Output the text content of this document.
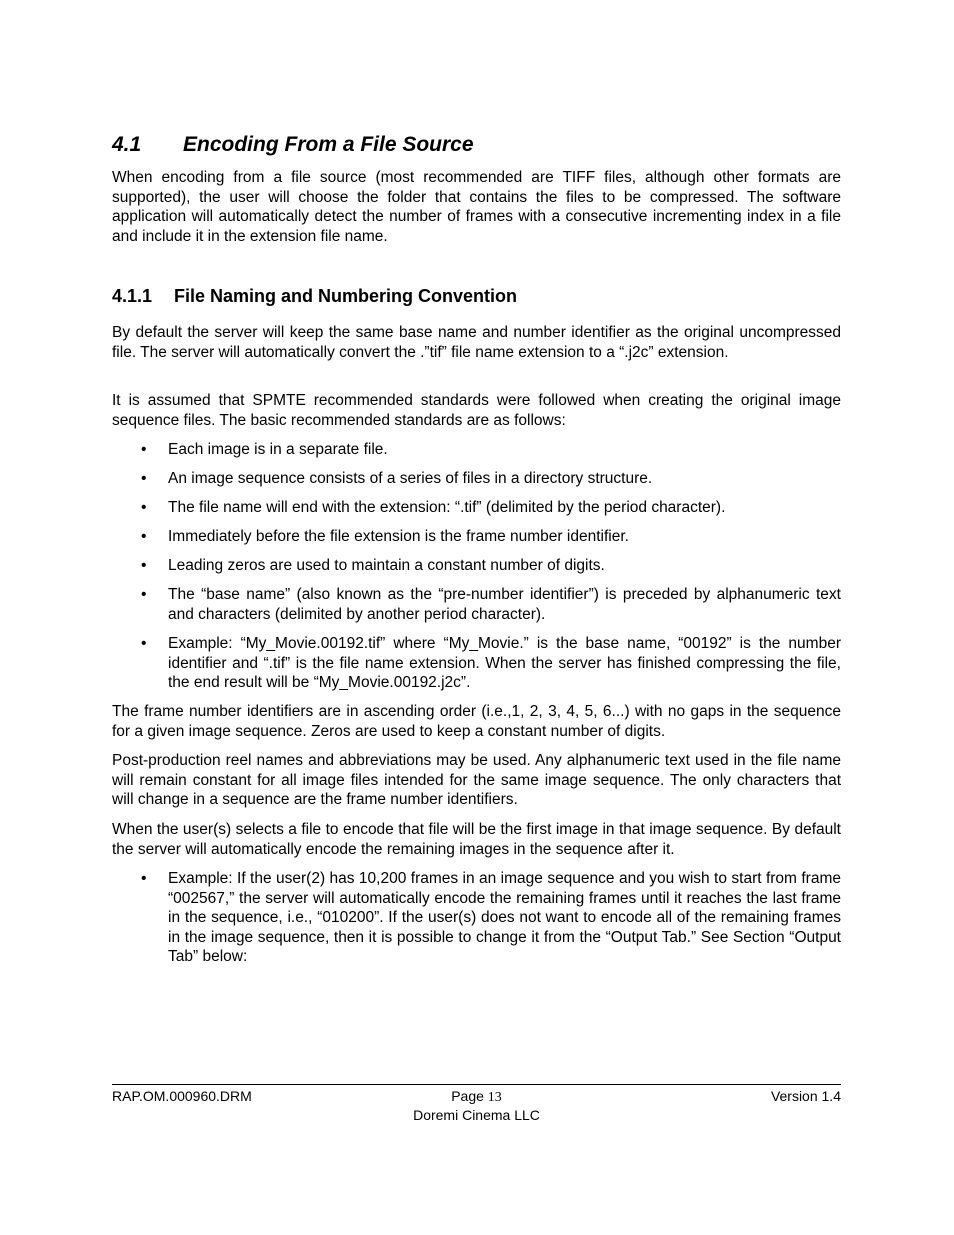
4.1 Encoding From a File Source

When encoding from a file source (most recommended are TIFF files, although other formats are supported), the user will choose the folder that contains the files to be compressed. The software application will automatically detect the number of frames with a consecutive incrementing index in a file and include it in the extension file name.

4.1.1 File Naming and Numbering Convention

By default the server will keep the same base name and number identifier as the original uncompressed file. The server will automatically convert the .”tif” file name extension to a “.j2c” extension.

It is assumed that SPMTE recommended standards were followed when creating the original image sequence files. The basic recommended standards are as follows:

• Each image is in a separate file.
• An image sequence consists of a series of files in a directory structure.
• The file name will end with the extension: “.tif” (delimited by the period character).
• Immediately before the file extension is the frame number identifier.
• Leading zeros are used to maintain a constant number of digits.
• The “base name” (also known as the “pre-number identifier”) is preceded by alphanumeric text and characters (delimited by another period character).
• Example: “My_Movie.00192.tif” where “My_Movie.” is the base name, “00192” is the number identifier and “.tif” is the file name extension. When the server has finished compressing the file, the end result will be “My_Movie.00192.j2c”.

The frame number identifiers are in ascending order (i.e.,1, 2, 3, 4, 5, 6...) with no gaps in the sequence for a given image sequence. Zeros are used to keep a constant number of digits.

Post-production reel names and abbreviations may be used. Any alphanumeric text used in the file name will remain constant for all image files intended for the same image sequence. The only characters that will change in a sequence are the frame number identifiers.

When the user(s) selects a file to encode that file will be the first image in that image sequence. By default the server will automatically encode the remaining images in the sequence after it.

• Example: If the user(2) has 10,200 frames in an image sequence and you wish to start from frame “002567,” the server will automatically encode the remaining frames until it reaches the last frame in the sequence, i.e., “010200”. If the user(s) does not want to encode all of the remaining frames in the image sequence, then it is possible to change it from the “Output Tab.” See Section “Output Tab” below:
RAP.OM.000960.DRM	Page 13
Doremi Cinema LLC
Version 1.4
